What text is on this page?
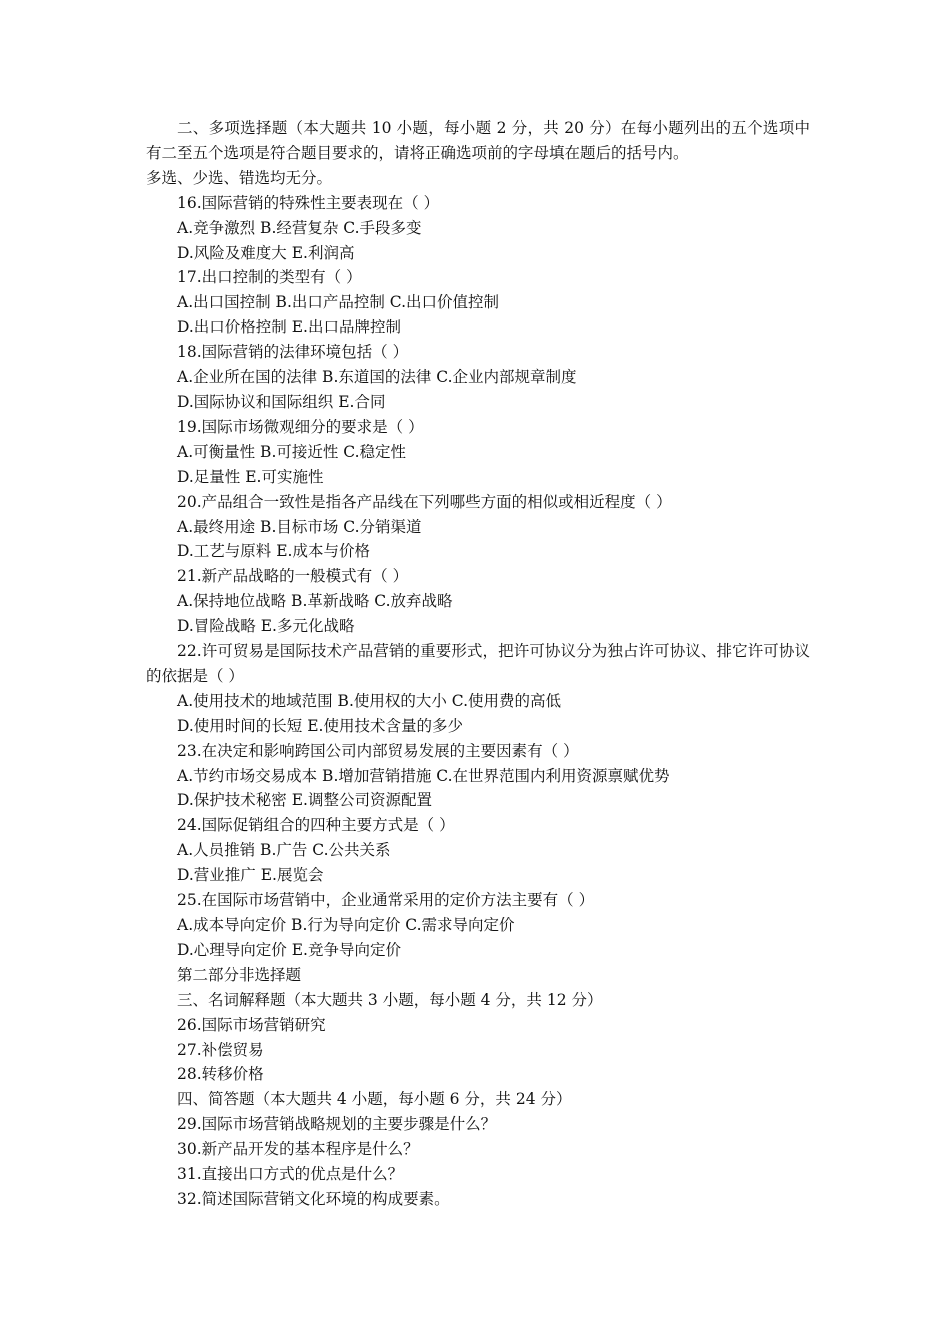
二、多项选择题（本大题共 10 小题，每小题 2 分，共 20 分）在每小题列出的五个选项中有二至五个选项是符合题目要求的，请将正确选项前的字母填在题后的括号内。
多选、少选、错选均无分。
16.国际营销的特殊性主要表现在（ ）
A.竞争激烈 B.经营复杂 C.手段多变
D.风险及难度大 E.利润高
17.出口控制的类型有（ ）
A.出口国控制 B.出口产品控制 C.出口价值控制
D.出口价格控制 E.出口品牌控制
18.国际营销的法律环境包括（ ）
A.企业所在国的法律 B.东道国的法律 C.企业内部规章制度
D.国际协议和国际组织 E.合同
19.国际市场微观细分的要求是（ ）
A.可衡量性 B.可接近性 C.稳定性
D.足量性 E.可实施性
20.产品组合一致性是指各产品线在下列哪些方面的相似或相近程度（ ）
A.最终用途 B.目标市场 C.分销渠道
D.工艺与原料 E.成本与价格
21.新产品战略的一般模式有（ ）
A.保持地位战略 B.革新战略 C.放弃战略
D.冒险战略 E.多元化战略
22.许可贸易是国际技术产品营销的重要形式，把许可协议分为独占许可协议、排它许可协议的依据是（ ）
A.使用技术的地域范围 B.使用权的大小 C.使用费的高低
D.使用时间的长短 E.使用技术含量的多少
23.在决定和影响跨国公司内部贸易发展的主要因素有（ ）
A.节约市场交易成本 B.增加营销措施 C.在世界范围内利用资源禀赋优势
D.保护技术秘密 E.调整公司资源配置
24.国际促销组合的四种主要方式是（ ）
A.人员推销 B.广告 C.公共关系
D.营业推广 E.展览会
25.在国际市场营销中，企业通常采用的定价方法主要有（ ）
A.成本导向定价 B.行为导向定价 C.需求导向定价
D.心理导向定价 E.竞争导向定价
第二部分非选择题
三、名词解释题（本大题共 3 小题，每小题 4 分，共 12 分）
26.国际市场营销研究
27.补偿贸易
28.转移价格
四、简答题（本大题共 4 小题，每小题 6 分，共 24 分）
29.国际市场营销战略规划的主要步骤是什么？
30.新产品开发的基本程序是什么？
31.直接出口方式的优点是什么？
32.简述国际营销文化环境的构成要素。
